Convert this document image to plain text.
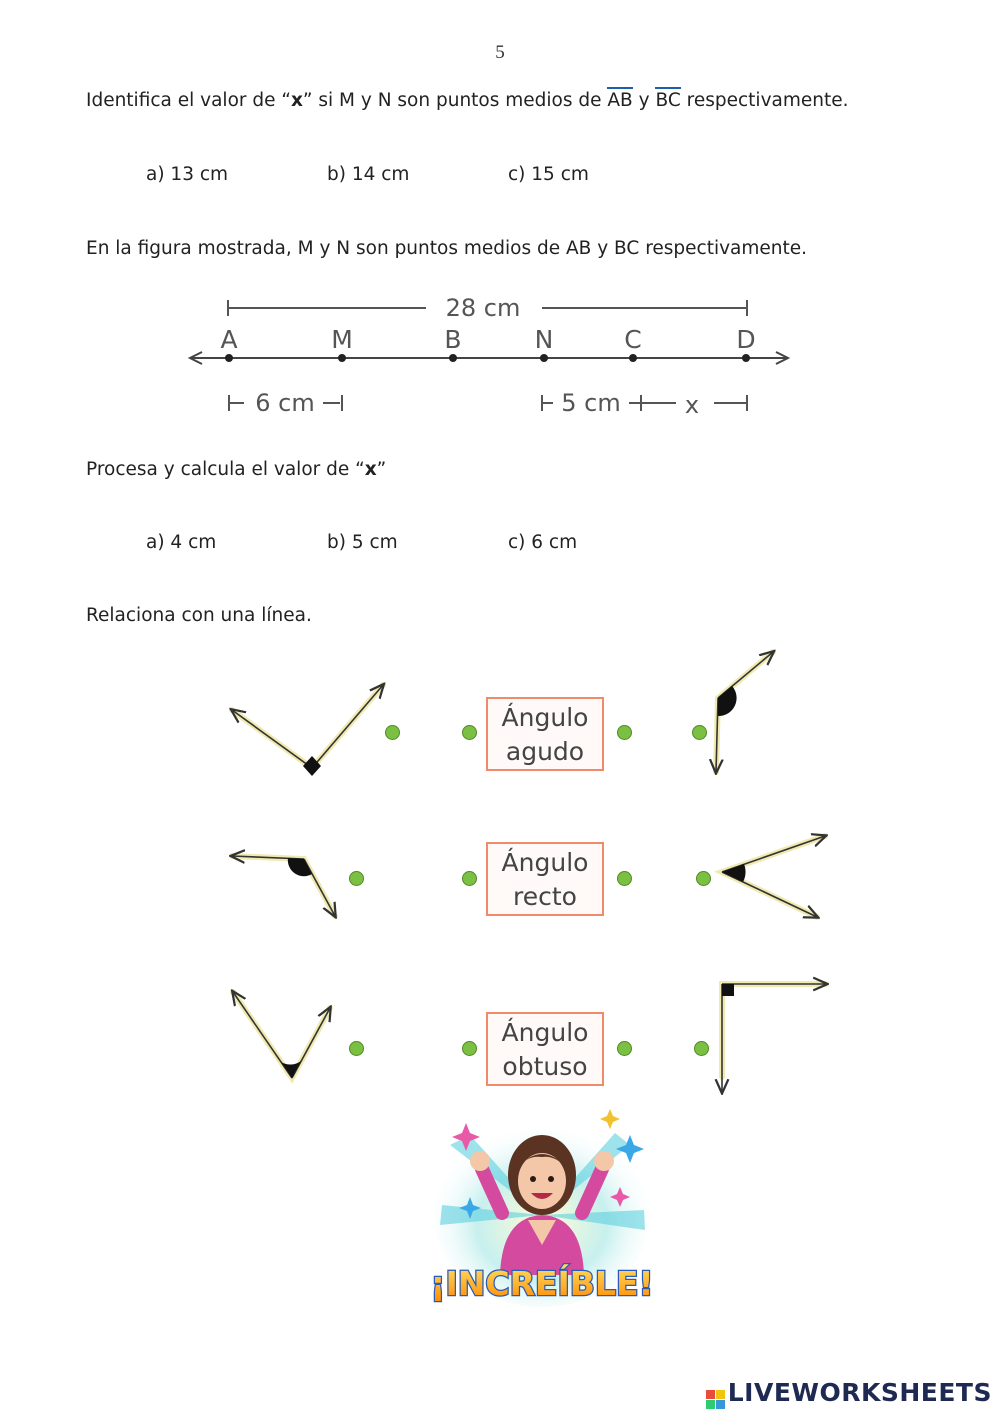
5
Identifica el valor de “x” si M y N son puntos medios de AB y BC respectivamente.
a) 13 cm	b) 14 cm	c) 15 cm
En la figura mostrada, M y N son puntos medios de AB y BC respectivamente.
28 cm
A	M	B	N	C	D
6 cm	5 cm	x
Procesa y calcula el valor de “x”
a) 4 cm	b) 5 cm	c) 6 cm
Relaciona con una línea.
Ángulo
agudo
Ángulo
recto
Ángulo
obtuso
¡INCREÍBLE!
LIVEWORKSHEETS
